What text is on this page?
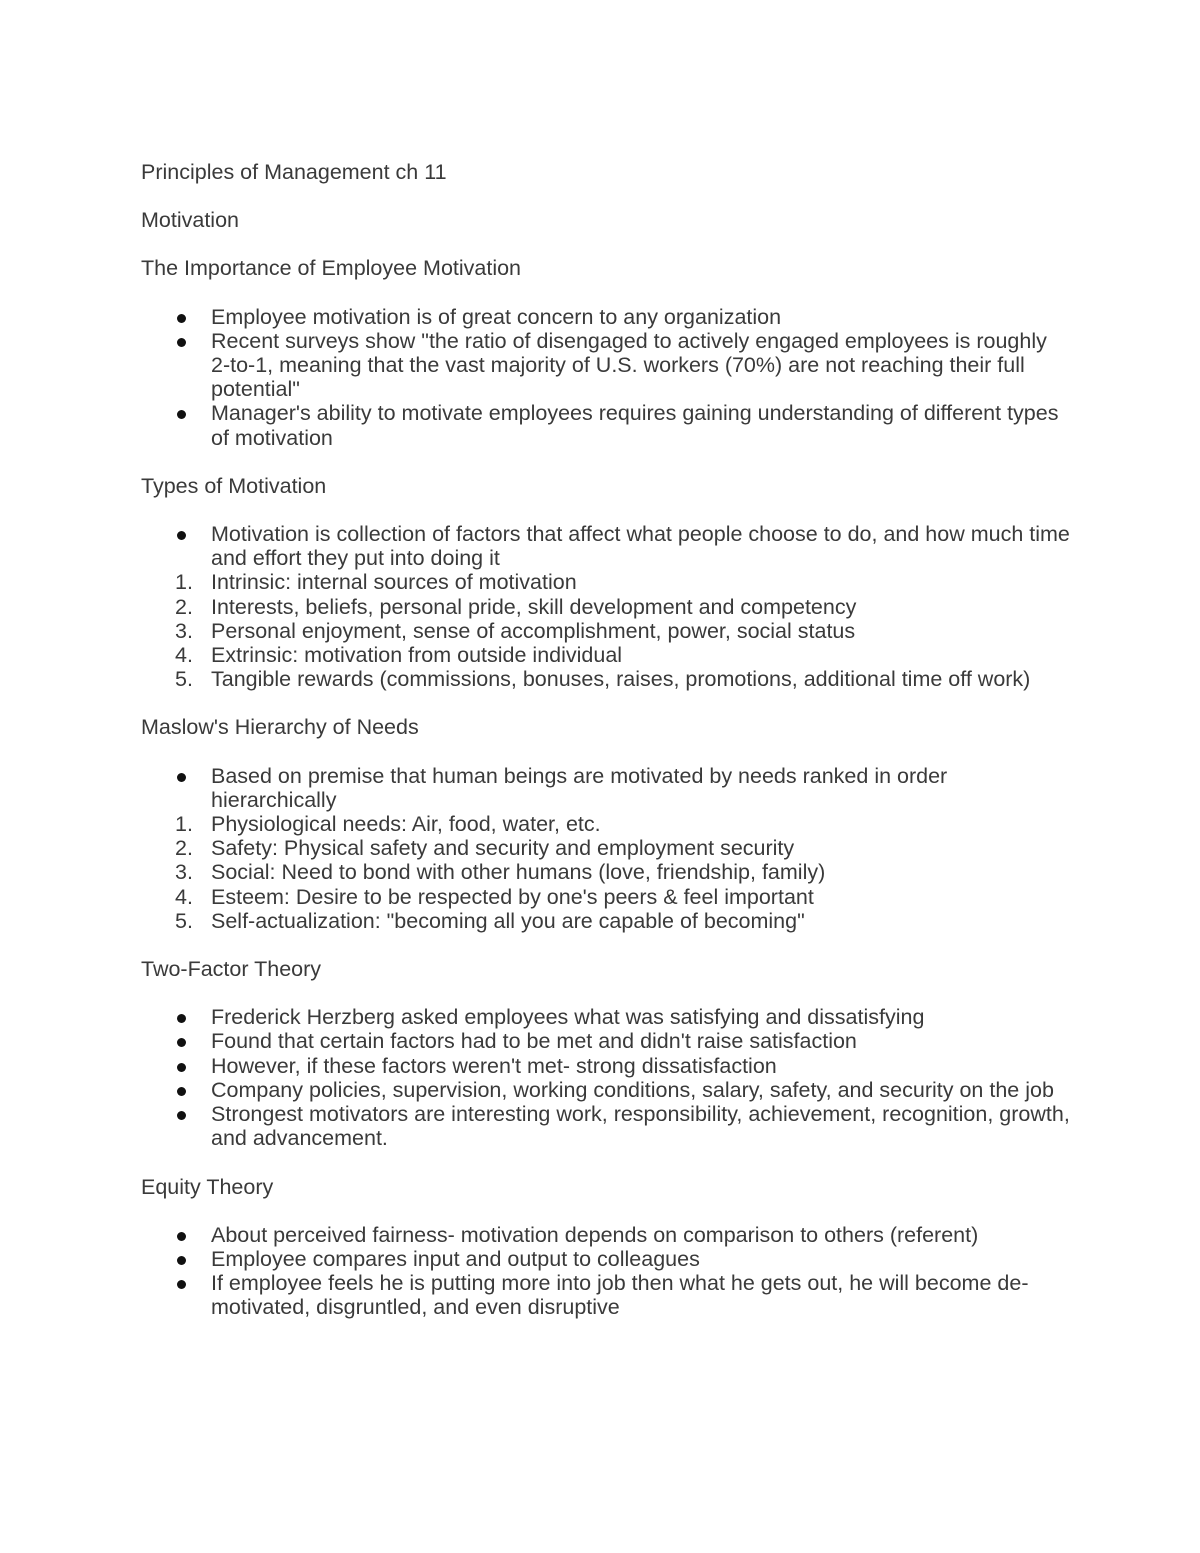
Principles of Management ch 11

Motivation

The Importance of Employee Motivation

Employee motivation is of great concern to any organization
Recent surveys show "the ratio of disengaged to actively engaged employees is roughly 2-to-1, meaning that the vast majority of U.S. workers (70%) are not reaching their full potential"
Manager's ability to motivate employees requires gaining understanding of different types of motivation

Types of Motivation

Motivation is collection of factors that affect what people choose to do, and how much time and effort they put into doing it
1. Intrinsic: internal sources of motivation
2. Interests, beliefs, personal pride, skill development and competency
3. Personal enjoyment, sense of accomplishment, power, social status
4. Extrinsic: motivation from outside individual
5. Tangible rewards (commissions, bonuses, raises, promotions, additional time off work)

Maslow's Hierarchy of Needs

Based on premise that human beings are motivated by needs ranked in order hierarchically
1. Physiological needs: Air, food, water, etc.
2. Safety: Physical safety and security and employment security
3. Social: Need to bond with other humans (love, friendship, family)
4. Esteem: Desire to be respected by one's peers & feel important
5. Self-actualization: "becoming all you are capable of becoming"

Two-Factor Theory

Frederick Herzberg asked employees what was satisfying and dissatisfying
Found that certain factors had to be met and didn't raise satisfaction
However, if these factors weren't met- strong dissatisfaction
Company policies, supervision, working conditions, salary, safety, and security on the job
Strongest motivators are interesting work, responsibility, achievement, recognition, growth, and advancement.

Equity Theory

About perceived fairness- motivation depends on comparison to others (referent)
Employee compares input and output to colleagues
If employee feels he is putting more into job then what he gets out, he will become de-motivated, disgruntled, and even disruptive
